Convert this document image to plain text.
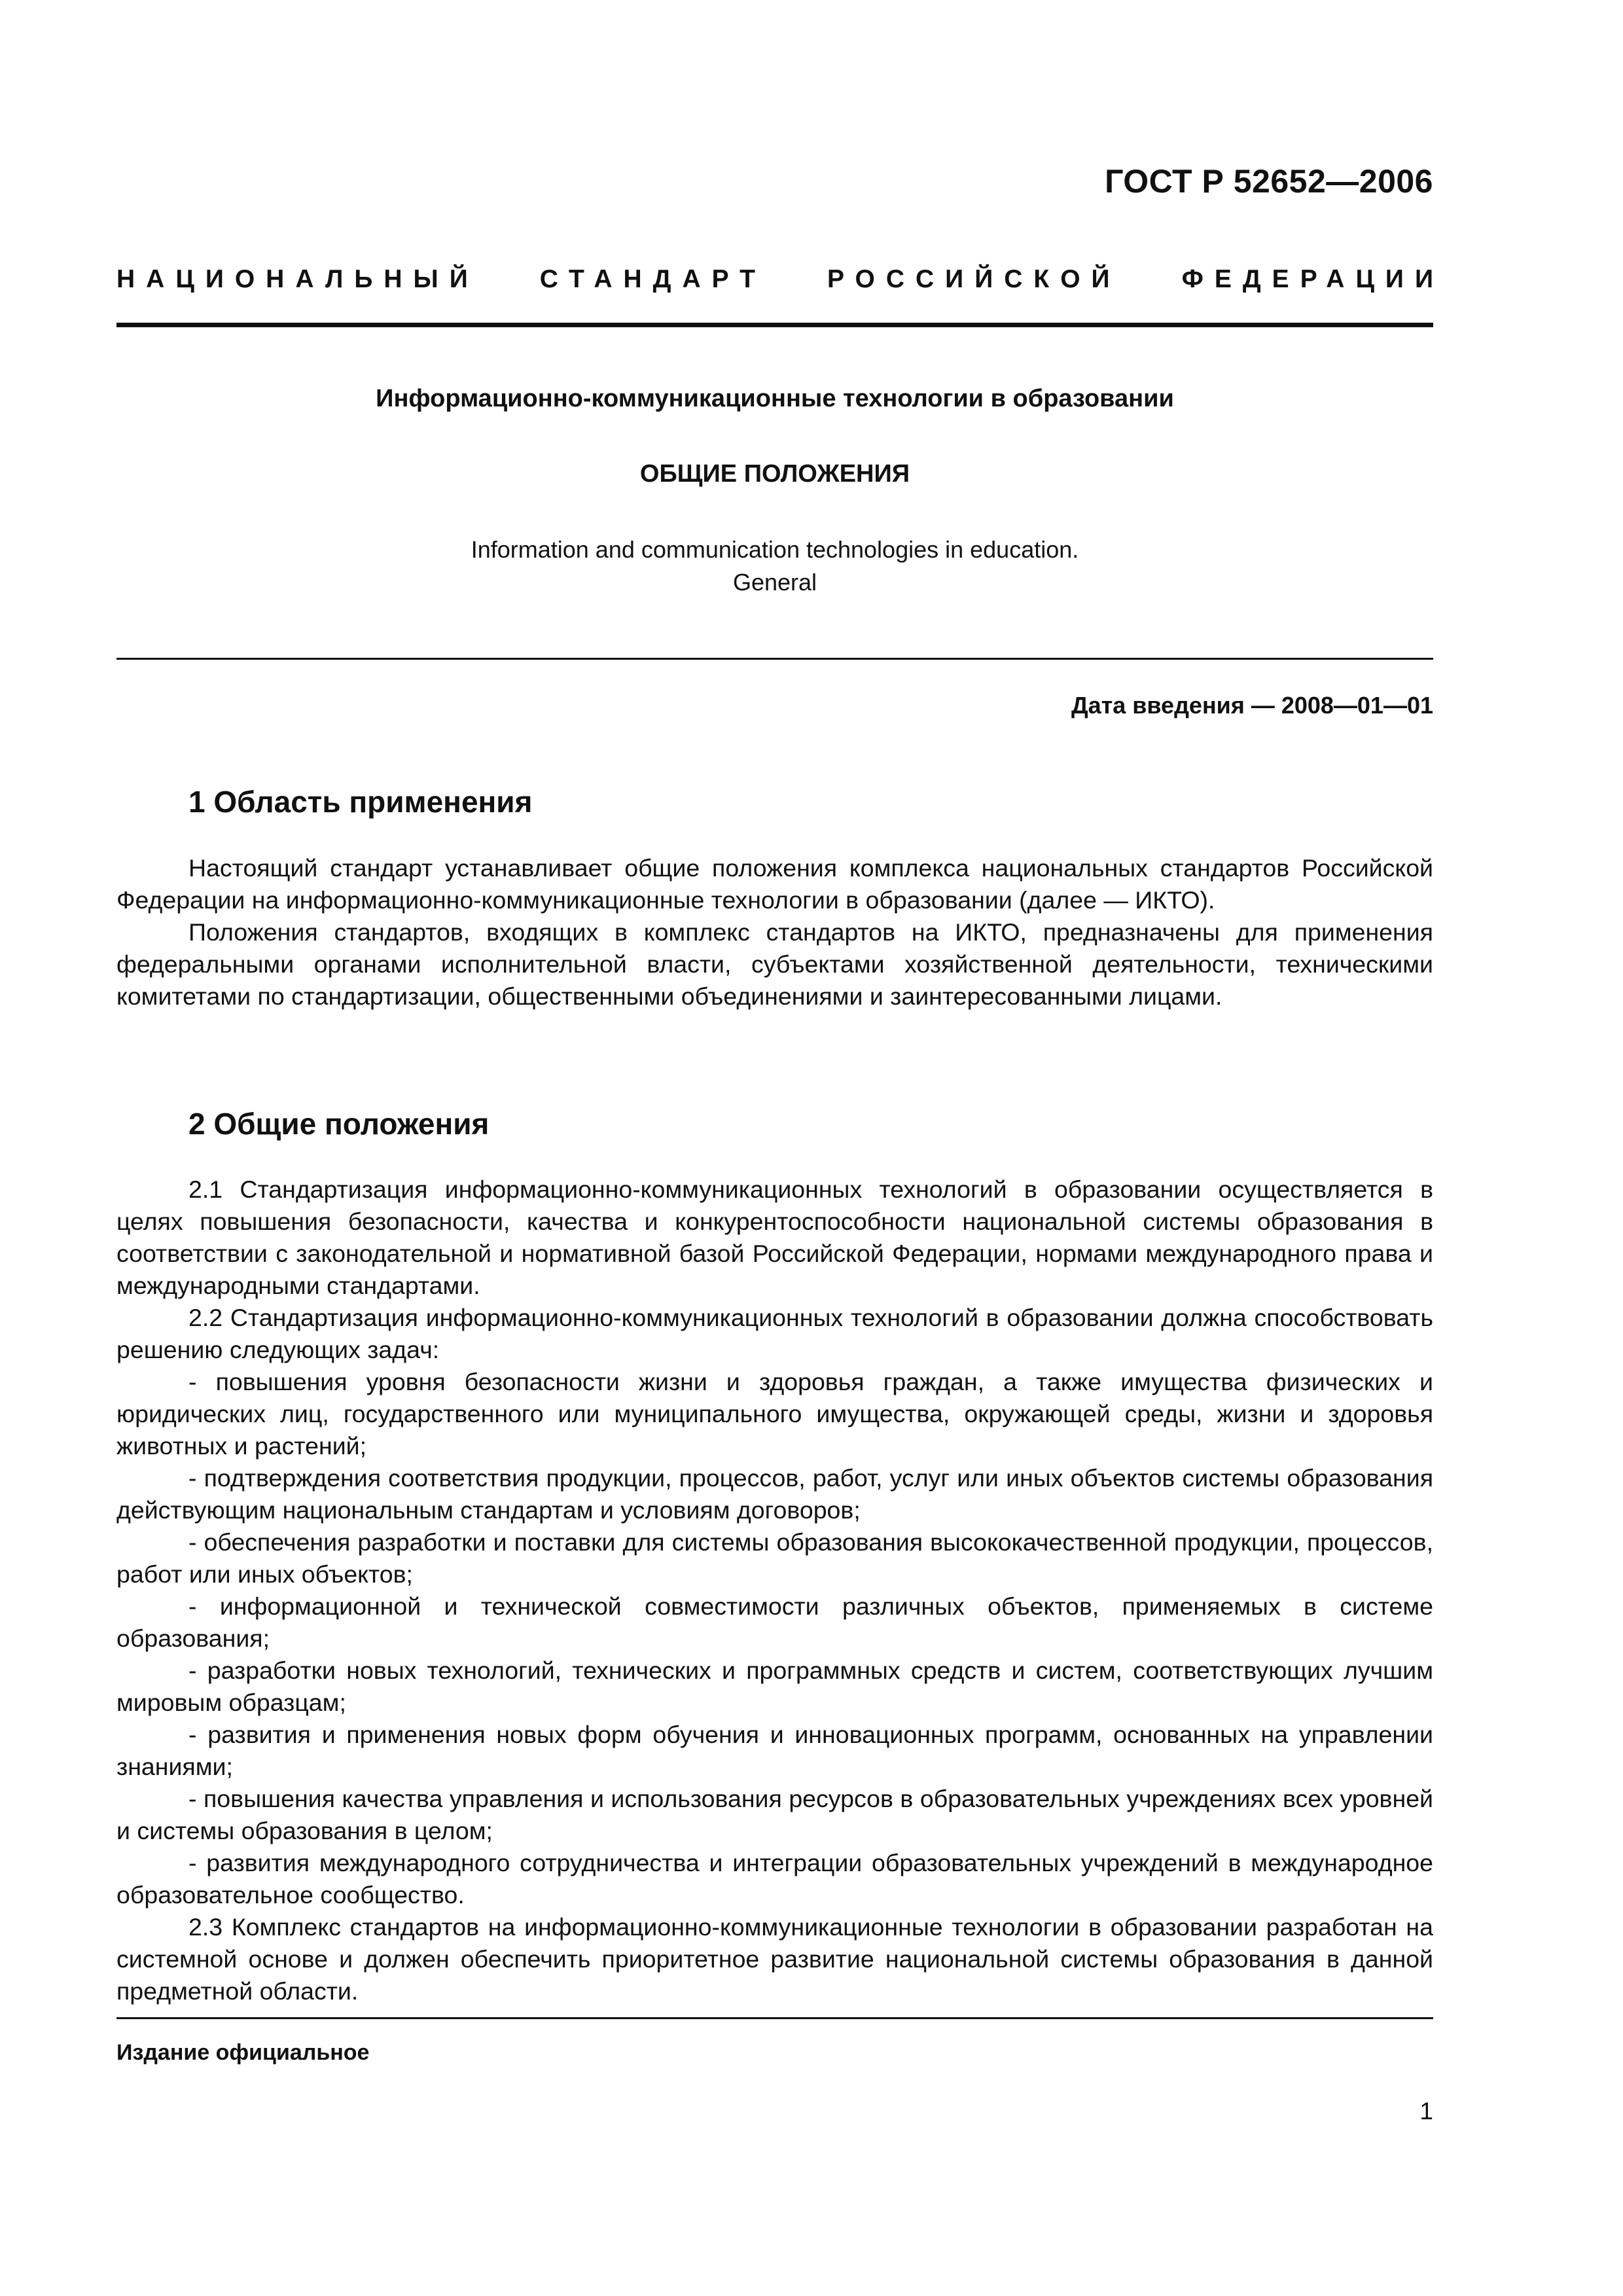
ГОСТ Р 52652—2006
НАЦИОНАЛЬНЫЙ СТАНДАРТ РОССИЙСКОЙ ФЕДЕРАЦИИ
Информационно-коммуникационные технологии в образовании
ОБЩИЕ ПОЛОЖЕНИЯ
Information and communication technologies in education.
General
Дата введения — 2008—01—01
1 Область применения

Настоящий стандарт устанавливает общие положения комплекса национальных стандартов Российской Федерации на информационно-коммуникационные технологии в образовании (далее — ИКТО).

Положения стандартов, входящих в комплекс стандартов на ИКТО, предназначены для применения федеральными органами исполнительной власти, субъектами хозяйственной деятельности, техническими комитетами по стандартизации, общественными объединениями и заинтересованными лицами.

2 Общие положения

2.1 Стандартизация информационно-коммуникационных технологий в образовании осуществляется в целях повышения безопасности, качества и конкурентоспособности национальной системы образования в соответствии с законодательной и нормативной базой Российской Федерации, нормами международного права и международными стандартами.

2.2 Стандартизация информационно-коммуникационных технологий в образовании должна способствовать решению следующих задач:

- повышения уровня безопасности жизни и здоровья граждан, а также имущества физических и юридических лиц, государственного или муниципального имущества, окружающей среды, жизни и здоровья животных и растений;

- подтверждения соответствия продукции, процессов, работ, услуг или иных объектов системы образования действующим национальным стандартам и условиям договоров;

- обеспечения разработки и поставки для системы образования высококачественной продукции, процессов, работ или иных объектов;

- информационной и технической совместимости различных объектов, применяемых в системе образования;

- разработки новых технологий, технических и программных средств и систем, соответствующих лучшим мировым образцам;

- развития и применения новых форм обучения и инновационных программ, основанных на управлении знаниями;

- повышения качества управления и использования ресурсов в образовательных учреждениях всех уровней и системы образования в целом;

- развития международного сотрудничества и интеграции образовательных учреждений в международное образовательное сообщество.

2.3 Комплекс стандартов на информационно-коммуникационные технологии в образовании разработан на системной основе и должен обеспечить приоритетное развитие национальной системы образования в данной предметной области.

Издание официальное
1
